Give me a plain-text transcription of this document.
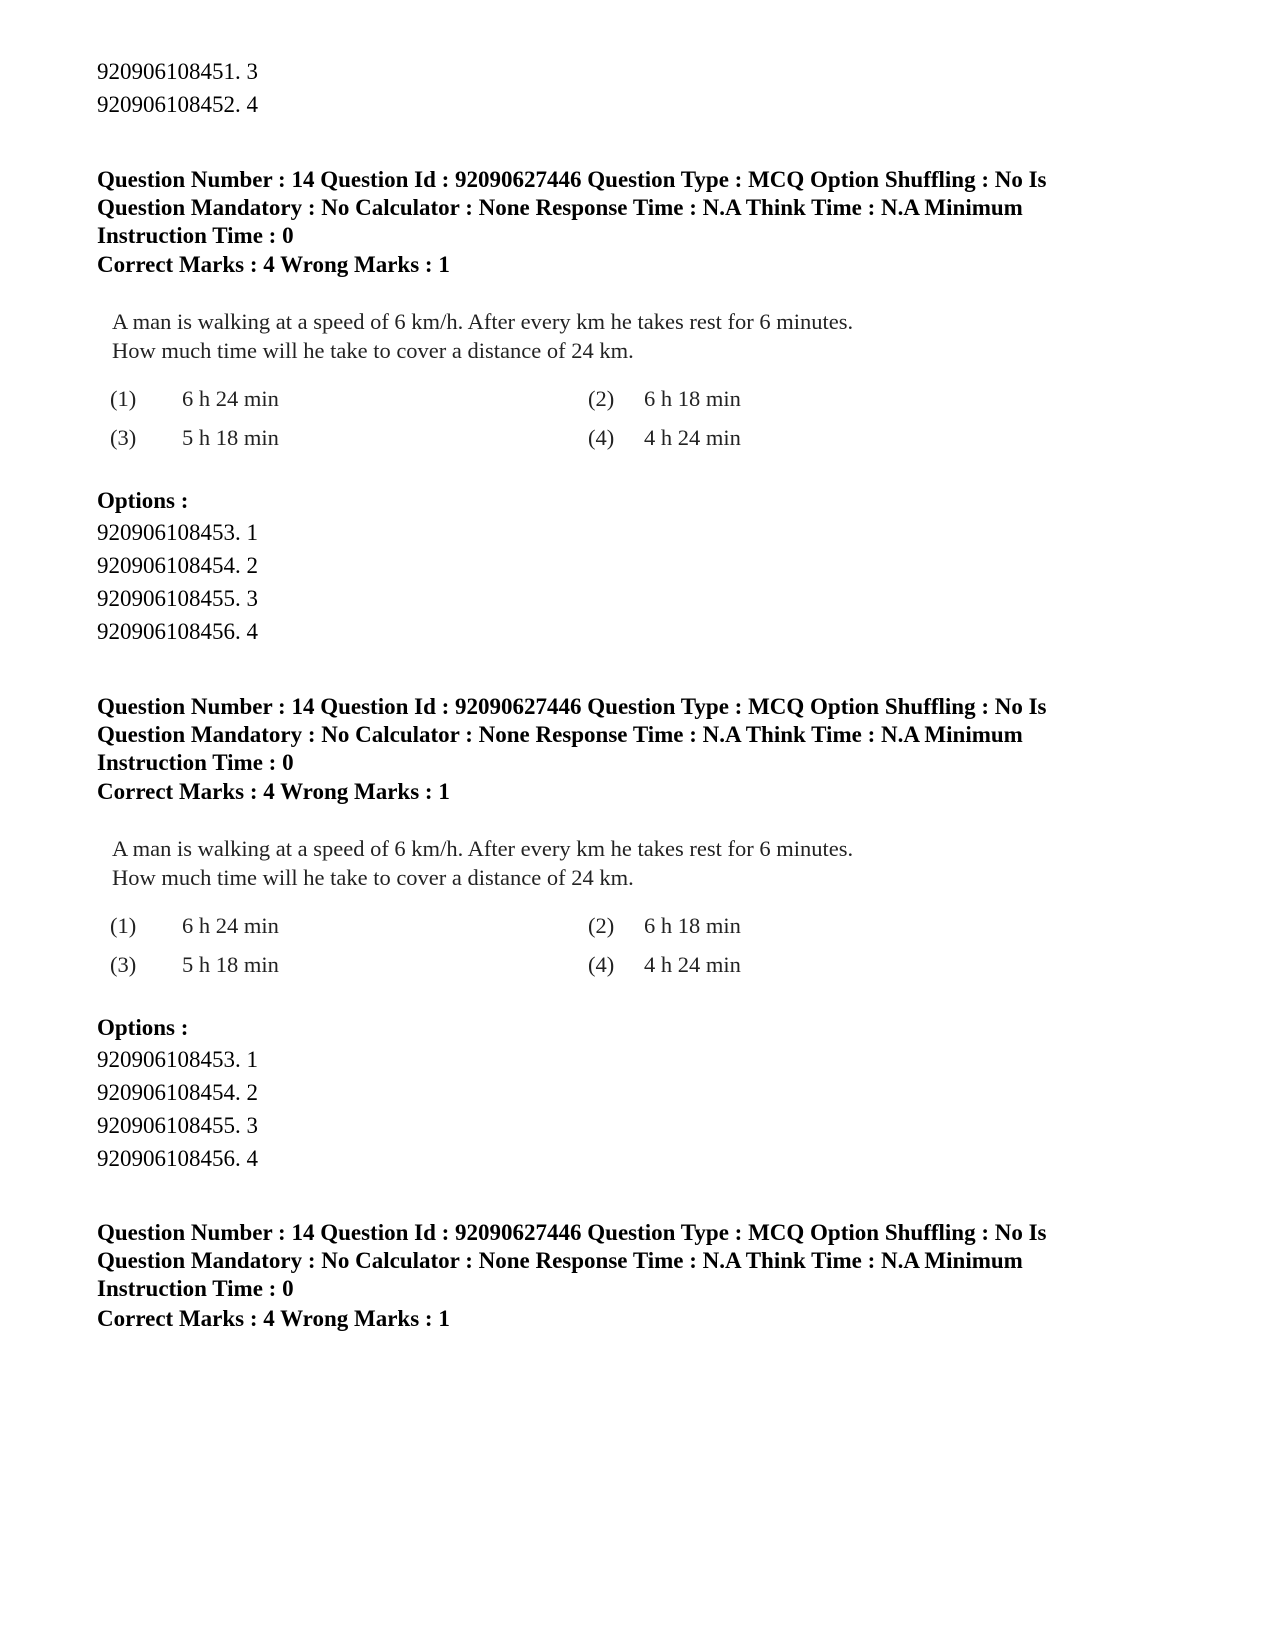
920906108451. 3
920906108452. 4
Question Number : 14 Question Id : 92090627446 Question Type : MCQ Option Shuffling : No Is
Question Mandatory : No Calculator : None Response Time : N.A Think Time : N.A Minimum
Instruction Time : 0
Correct Marks : 4 Wrong Marks : 1
A man is walking at a speed of 6 km/h. After every km he takes rest for 6 minutes.
How much time will he take to cover a distance of 24 km.
(1) 6 h 24 min	(2) 6 h 18 min
(3) 5 h 18 min	(4) 4 h 24 min
Options :
920906108453. 1
920906108454. 2
920906108455. 3
920906108456. 4
Question Number : 14 Question Id : 92090627446 Question Type : MCQ Option Shuffling : No Is
Question Mandatory : No Calculator : None Response Time : N.A Think Time : N.A Minimum
Instruction Time : 0
Correct Marks : 4 Wrong Marks : 1
A man is walking at a speed of 6 km/h. After every km he takes rest for 6 minutes.
How much time will he take to cover a distance of 24 km.
(1) 6 h 24 min	(2) 6 h 18 min
(3) 5 h 18 min	(4) 4 h 24 min
Options :
920906108453. 1
920906108454. 2
920906108455. 3
920906108456. 4
Question Number : 14 Question Id : 92090627446 Question Type : MCQ Option Shuffling : No Is
Question Mandatory : No Calculator : None Response Time : N.A Think Time : N.A Minimum
Instruction Time : 0
Correct Marks : 4 Wrong Marks : 1
